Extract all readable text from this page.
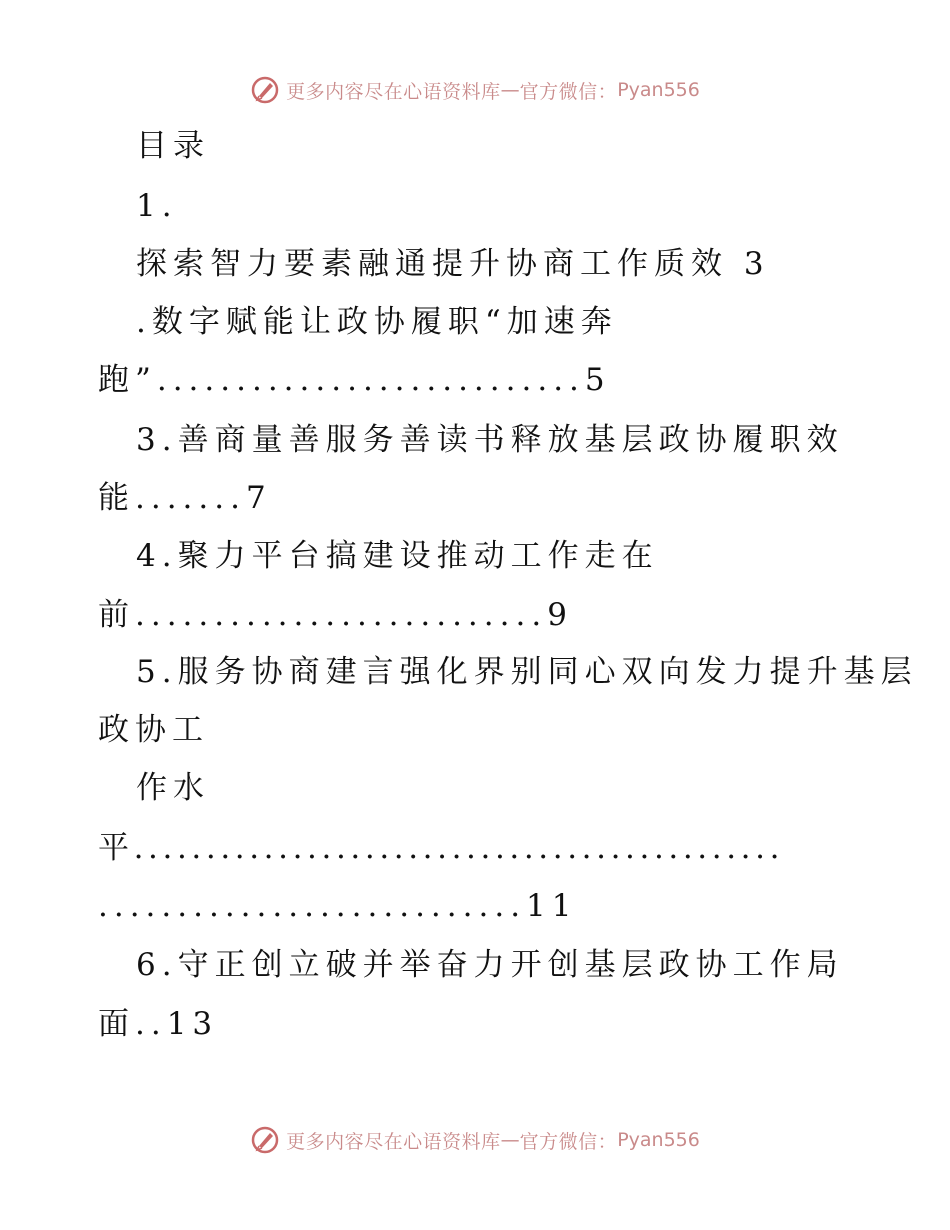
更多内容尽在心语资料库 — 官方微信： Pyan556
目录
1.
探索智力要素融通提升协商工作质效 3
.数字赋能让政协履职“加速奔
跑”...........................5
3.善商量善服务善读书释放基层政协履职效
能.......7
4.聚力平台搞建设推动工作走在
前..........................9
5.服务协商建言强化界别同心双向发力提升基层
政协工
作水
平.............................................
...........................11
6.守正创立破并举奋力开创基层政协工作局
面..13
更多内容尽在心语资料库 — 官方微信： Pyan556
